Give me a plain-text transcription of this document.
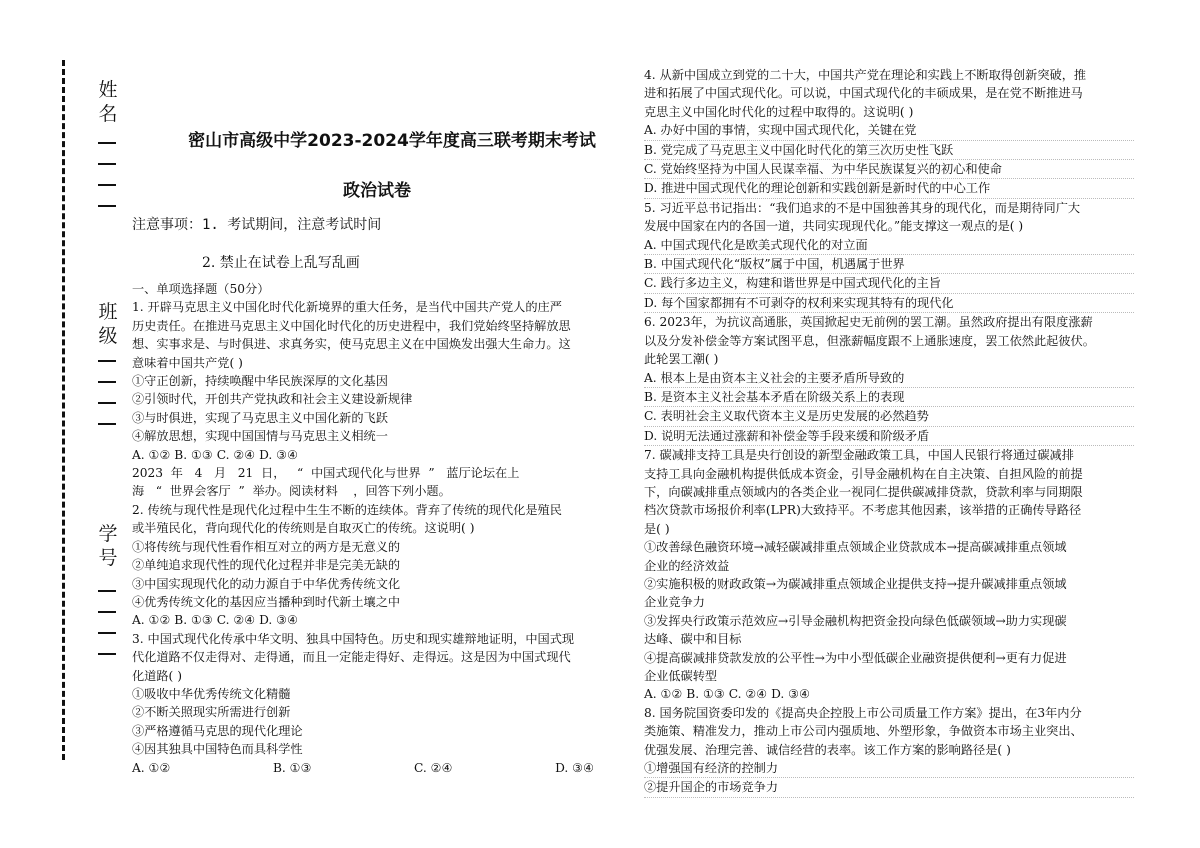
姓名
班级
学号
密山市高级中学2023-2024学年度高三联考期末考试
政治试卷
注意事项：1. 考试期间，注意考试时间
2. 禁止在试卷上乱写乱画

一、单项选择题（50分）

1. 开辟马克思主义中国化时代化新境界的重大任务，是当代中国共产党人的庄严

历史责任。在推进马克思主义中国化时代化的历史进程中，我们党始终坚持解放思

想、实事求是、与时俱进、求真务实，使马克思主义在中国焕发出强大生命力。这

意味着中国共产党( )

①守正创新，持续唤醒中华民族深厚的文化基因

②引领时代，开创共产党执政和社会主义建设新规律

③与时俱进，实现了马克思主义中国化新的飞跃

④解放思想，实现中国国情与马克思主义相统一

A. ①② B. ①③ C. ②④ D. ③④

2023  年   4   月   21  日，   “  中国式现代化与世界  ”   蓝厅论坛在上

海   “  世界会客厅  ”  举办。阅读材料    ，回答下列小题。

2. 传统与现代性是现代化过程中生生不断的连续体。背弃了传统的现代化是殖民

或半殖民化，背向现代化的传统则是自取灭亡的传统。这说明( )

①将传统与现代性看作相互对立的两方是无意义的

②单纯追求现代性的现代化过程并非是完美无缺的

③中国实现现代化的动力源自于中华优秀传统文化

④优秀传统文化的基因应当播种到时代新土壤之中

A. ①② B. ①③ C. ②④ D. ③④

3. 中国式现代化传承中华文明、独具中国特色。历史和现实雄辩地证明，中国式现

代化道路不仅走得对、走得通，而且一定能走得好、走得远。这是因为中国式现代

化道路( )

①吸收中华优秀传统文化精髓

②不断关照现实所需进行创新

③严格遵循马克思的现代化理论

④因其独具中国特色而具科学性

A. ①②	B. ①③	C. ②④	D. ③④

4. 从新中国成立到党的二十大，中国共产党在理论和实践上不断取得创新突破，推

进和拓展了中国式现代化。可以说，中国式现代化的丰硕成果，是在党不断推进马

克思主义中国化时代化的过程中取得的。这说明( )

A. 办好中国的事情，实现中国式现代化，关键在党

B. 党完成了马克思主义中国化时代化的第三次历史性飞跃

C. 党始终坚持为中国人民谋幸福、为中华民族谋复兴的初心和使命

D. 推进中国式现代化的理论创新和实践创新是新时代的中心工作

5. 习近平总书记指出：“我们追求的不是中国独善其身的现代化，而是期待同广大

发展中国家在内的各国一道，共同实现现代化。”能支撑这一观点的是( )

A. 中国式现代化是欧美式现代化的对立面

B. 中国式现代化“版权”属于中国，机遇属于世界

C. 践行多边主义，构建和谐世界是中国式现代化的主旨

D. 每个国家都拥有不可剥夺的权利来实现其特有的现代化

6. 2023年，为抗议高通胀，英国掀起史无前例的罢工潮。虽然政府提出有限度涨薪

以及分发补偿金等方案试图平息，但涨薪幅度跟不上通胀速度，罢工依然此起彼伏。

此轮罢工潮( )

A. 根本上是由资本主义社会的主要矛盾所导致的

B. 是资本主义社会基本矛盾在阶级关系上的表现

C. 表明社会主义取代资本主义是历史发展的必然趋势

D. 说明无法通过涨薪和补偿金等手段来缓和阶级矛盾

7. 碳减排支持工具是央行创设的新型金融政策工具，中国人民银行将通过碳减排

支持工具向金融机构提供低成本资金，引导金融机构在自主决策、自担风险的前提

下，向碳减排重点领域内的各类企业一视同仁提供碳减排贷款，贷款利率与同期限

档次贷款市场报价利率(LPR)大致持平。不考虑其他因素，该举措的正确传导路径

是( )

①改善绿色融资环境→减轻碳减排重点领域企业贷款成本→提高碳减排重点领域

企业的经济效益

②实施积极的财政政策→为碳减排重点领域企业提供支持→提升碳减排重点领域

企业竞争力

③发挥央行政策示范效应→引导金融机构把资金投向绿色低碳领域→助力实现碳

达峰、碳中和目标

④提高碳减排贷款发放的公平性→为中小型低碳企业融资提供便利→更有力促进

企业低碳转型

A. ①② B. ①③ C. ②④ D. ③④

8. 国务院国资委印发的《提高央企控股上市公司质量工作方案》提出，在3年内分

类施策、精准发力，推动上市公司内强质地、外塑形象，争做资本市场主业突出、

优强发展、治理完善、诚信经营的表率。该工作方案的影响路径是( )

①增强国有经济的控制力

②提升国企的市场竞争力
